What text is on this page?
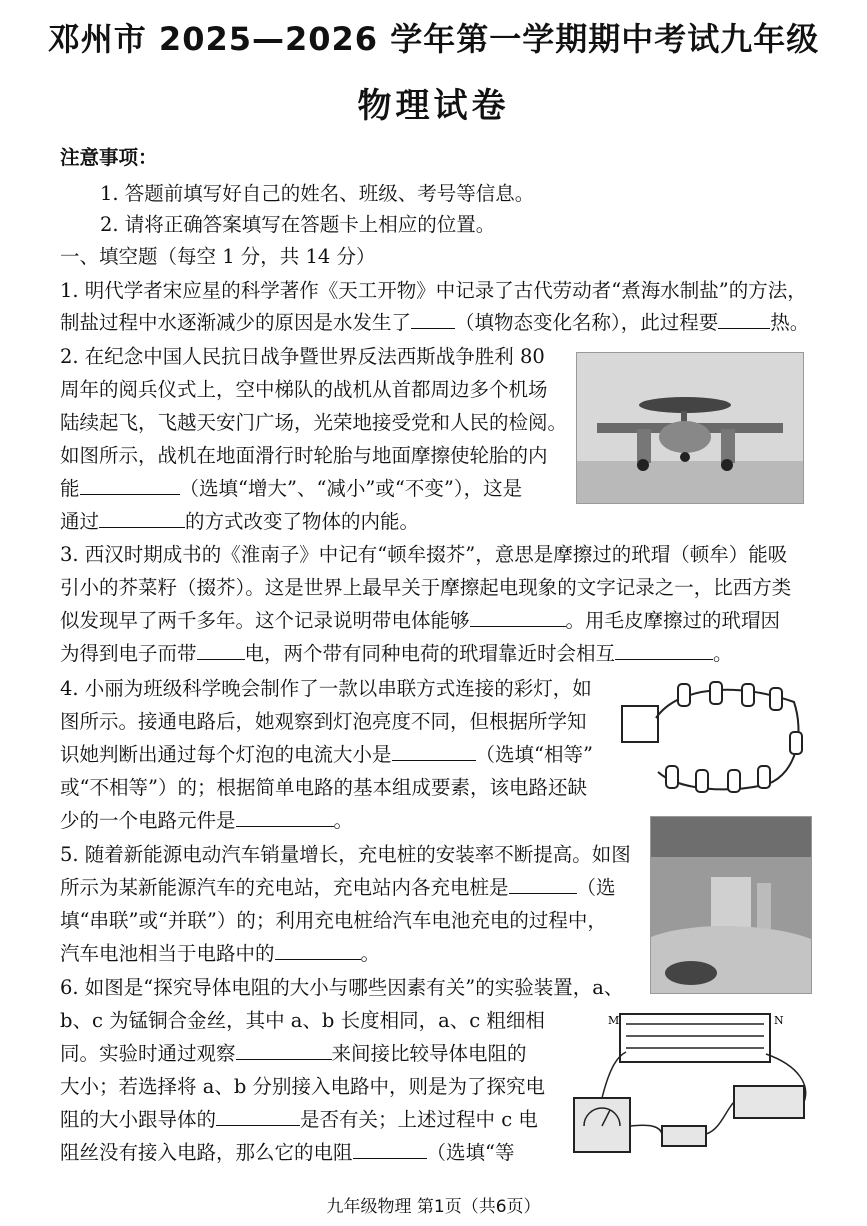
邓州市 2025—2026 学年第一学期期中考试九年级
物理试卷
注意事项：
1. 答题前填写好自己的姓名、班级、考号等信息。
2. 请将正确答案填写在答题卡上相应的位置。
一、填空题（每空 1 分，共 14 分）
1. 明代学者宋应星的科学著作《天工开物》中记录了古代劳动者“煮海水制盐”的方法，
制盐过程中水逐渐减少的原因是水发生了 （填物态变化名称），此过程要	热。
2. 在纪念中国人民抗日战争暨世界反法西斯战争胜利 80
周年的阅兵仪式上，空中梯队的战机从首都周边多个机场
陆续起飞，飞越天安门广场，光荣地接受党和人民的检阅。
如图所示，战机在地面滑行时轮胎与地面摩擦使轮胎的内
能	（选填“增大”、“减小”或“不变”），这是
通过	的方式改变了物体的内能。
3. 西汉时期成书的《淮南子》中记有“顿牟掇芥”，意思是摩擦过的玳瑁（顿牟）能吸
引小的芥菜籽（掇芥）。这是世界上最早关于摩擦起电现象的文字记录之一，比西方类
似发现早了两千多年。这个记录说明带电体能够	。用毛皮摩擦过的玳瑁因
为得到电子而带 电，两个带有同种电荷的玳瑁靠近时会相互	。
4. 小丽为班级科学晚会制作了一款以串联方式连接的彩灯，如
图所示。接通电路后，她观察到灯泡亮度不同，但根据所学知
识她判断出通过每个灯泡的电流大小是	（选填“相等”
或“不相等”）的；根据简单电路的基本组成要素，该电路还缺
少的一个电路元件是	。
5. 随着新能源电动汽车销量增长，充电桩的安装率不断提高。如图
所示为某新能源汽车的充电站，充电站内各充电桩是	（选
填“串联”或“并联”）的；利用充电桩给汽车电池充电的过程中，
汽车电池相当于电路中的	。
6. 如图是“探究导体电阻的大小与哪些因素有关”的实验装置，a、
b、c 为锰铜合金丝，其中 a、b 长度相同，a、c 粗细相
同。实验时通过观察	来间接比较导体电阻的
大小；若选择将 a、b 分别接入电路中，则是为了探究电
阻的大小跟导体的	是否有关；上述过程中 c 电
阻丝没有接入电路，那么它的电阻	（选填“等
M	N
九年级物理 第1页（共6页）
